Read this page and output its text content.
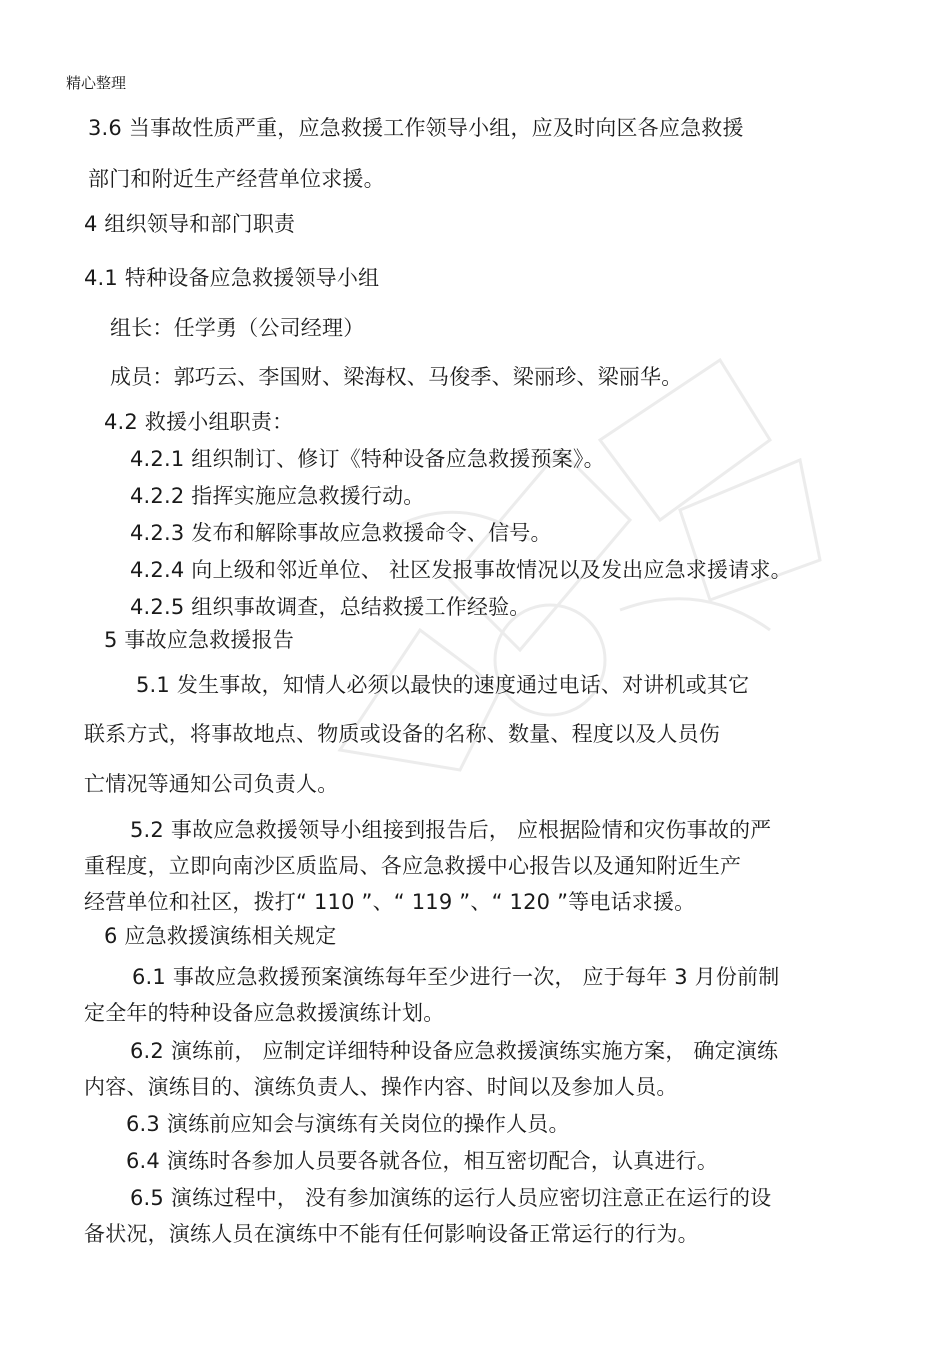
精心整理
3.6 当事故性质严重，应急救援工作领导小组，应及时向区各应急救援
部门和附近生产经营单位求援。
4 组织领导和部门职责
4.1 特种设备应急救援领导小组
组长：任学勇（公司经理）
成员：郭巧云、李国财、梁海权、马俊季、梁丽珍、梁丽华。
4.2 救援小组职责：
4.2.1 组织制订、修订《特种设备应急救援预案》。
4.2.2 指挥实施应急救援行动。
4.2.3 发布和解除事故应急救援命令、信号。
4.2.4 向上级和邻近单位、 社区发报事故情况以及发出应急求援请求。
4.2.5 组织事故调查，总结救援工作经验。
5 事故应急救援报告
5.1 发生事故，知情人必须以最快的速度通过电话、对讲机或其它
联系方式，将事故地点、物质或设备的名称、数量、程度以及人员伤
亡情况等通知公司负责人。
5.2 事故应急救援领导小组接到报告后， 应根据险情和灾伤事故的严
重程度，立即向南沙区质监局、各应急救援中心报告以及通知附近生产
经营单位和社区，拨打“ 110 ”、“ 119 ”、“ 120 ”等电话求援。
6 应急救援演练相关规定
6.1 事故应急救援预案演练每年至少进行一次， 应于每年 3 月份前制
定全年的特种设备应急救援演练计划。
6.2 演练前， 应制定详细特种设备应急救援演练实施方案， 确定演练
内容、演练目的、演练负责人、操作内容、时间以及参加人员。
6.3 演练前应知会与演练有关岗位的操作人员。
6.4 演练时各参加人员要各就各位，相互密切配合，认真进行。
6.5 演练过程中， 没有参加演练的运行人员应密切注意正在运行的设
备状况，演练人员在演练中不能有任何影响设备正常运行的行为。
